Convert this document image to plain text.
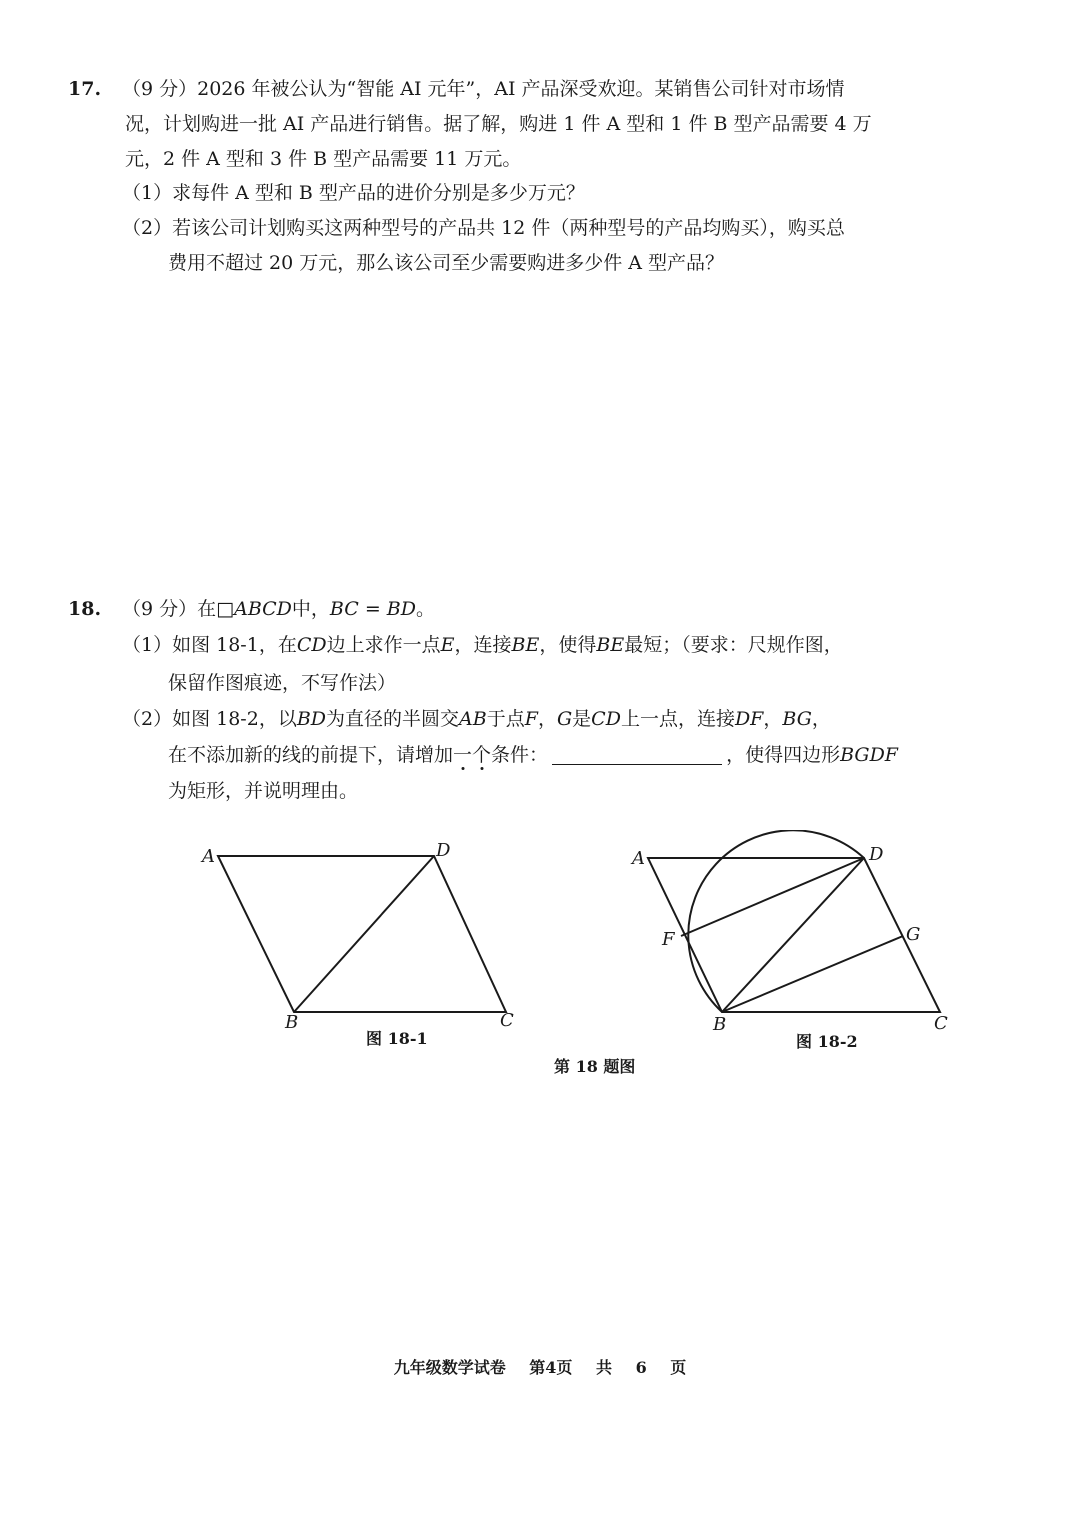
17. （9 分）2026 年被公认为“智能 AI 元年”，AI 产品深受欢迎。某销售公司针对市场情
况，计划购进一批 AI 产品进行销售。据了解，购进 1 件 A 型和 1 件 B 型产品需要 4 万
元，2 件 A 型和 3 件 B 型产品需要 11 万元。
（1）求每件 A 型和 B 型产品的进价分别是多少万元？
（2）若该公司计划购买这两种型号的产品共 12 件（两种型号的产品均购买），购买总
费用不超过 20 万元，那么该公司至少需要购进多少件 A 型产品？
18. （9 分）在□ABCD中，BC = BD。
（1）如图 18-1，在CD边上求作一点E，连接BE，使得BE最短；（要求：尺规作图，
保留作图痕迹，不写作法）
（2）如图 18-2，以BD为直径的半圆交AB于点F，G是CD上一点，连接DF，BG，
在不添加新的线的前提下，请增加一个条件：	，使得四边形BGDF
为矩形，并说明理由。
A	D
B	C
图 18-1
A	D
F	G
B	C
图 18-2
第 18 题图
九年级数学试卷 第4页 共 6 页
